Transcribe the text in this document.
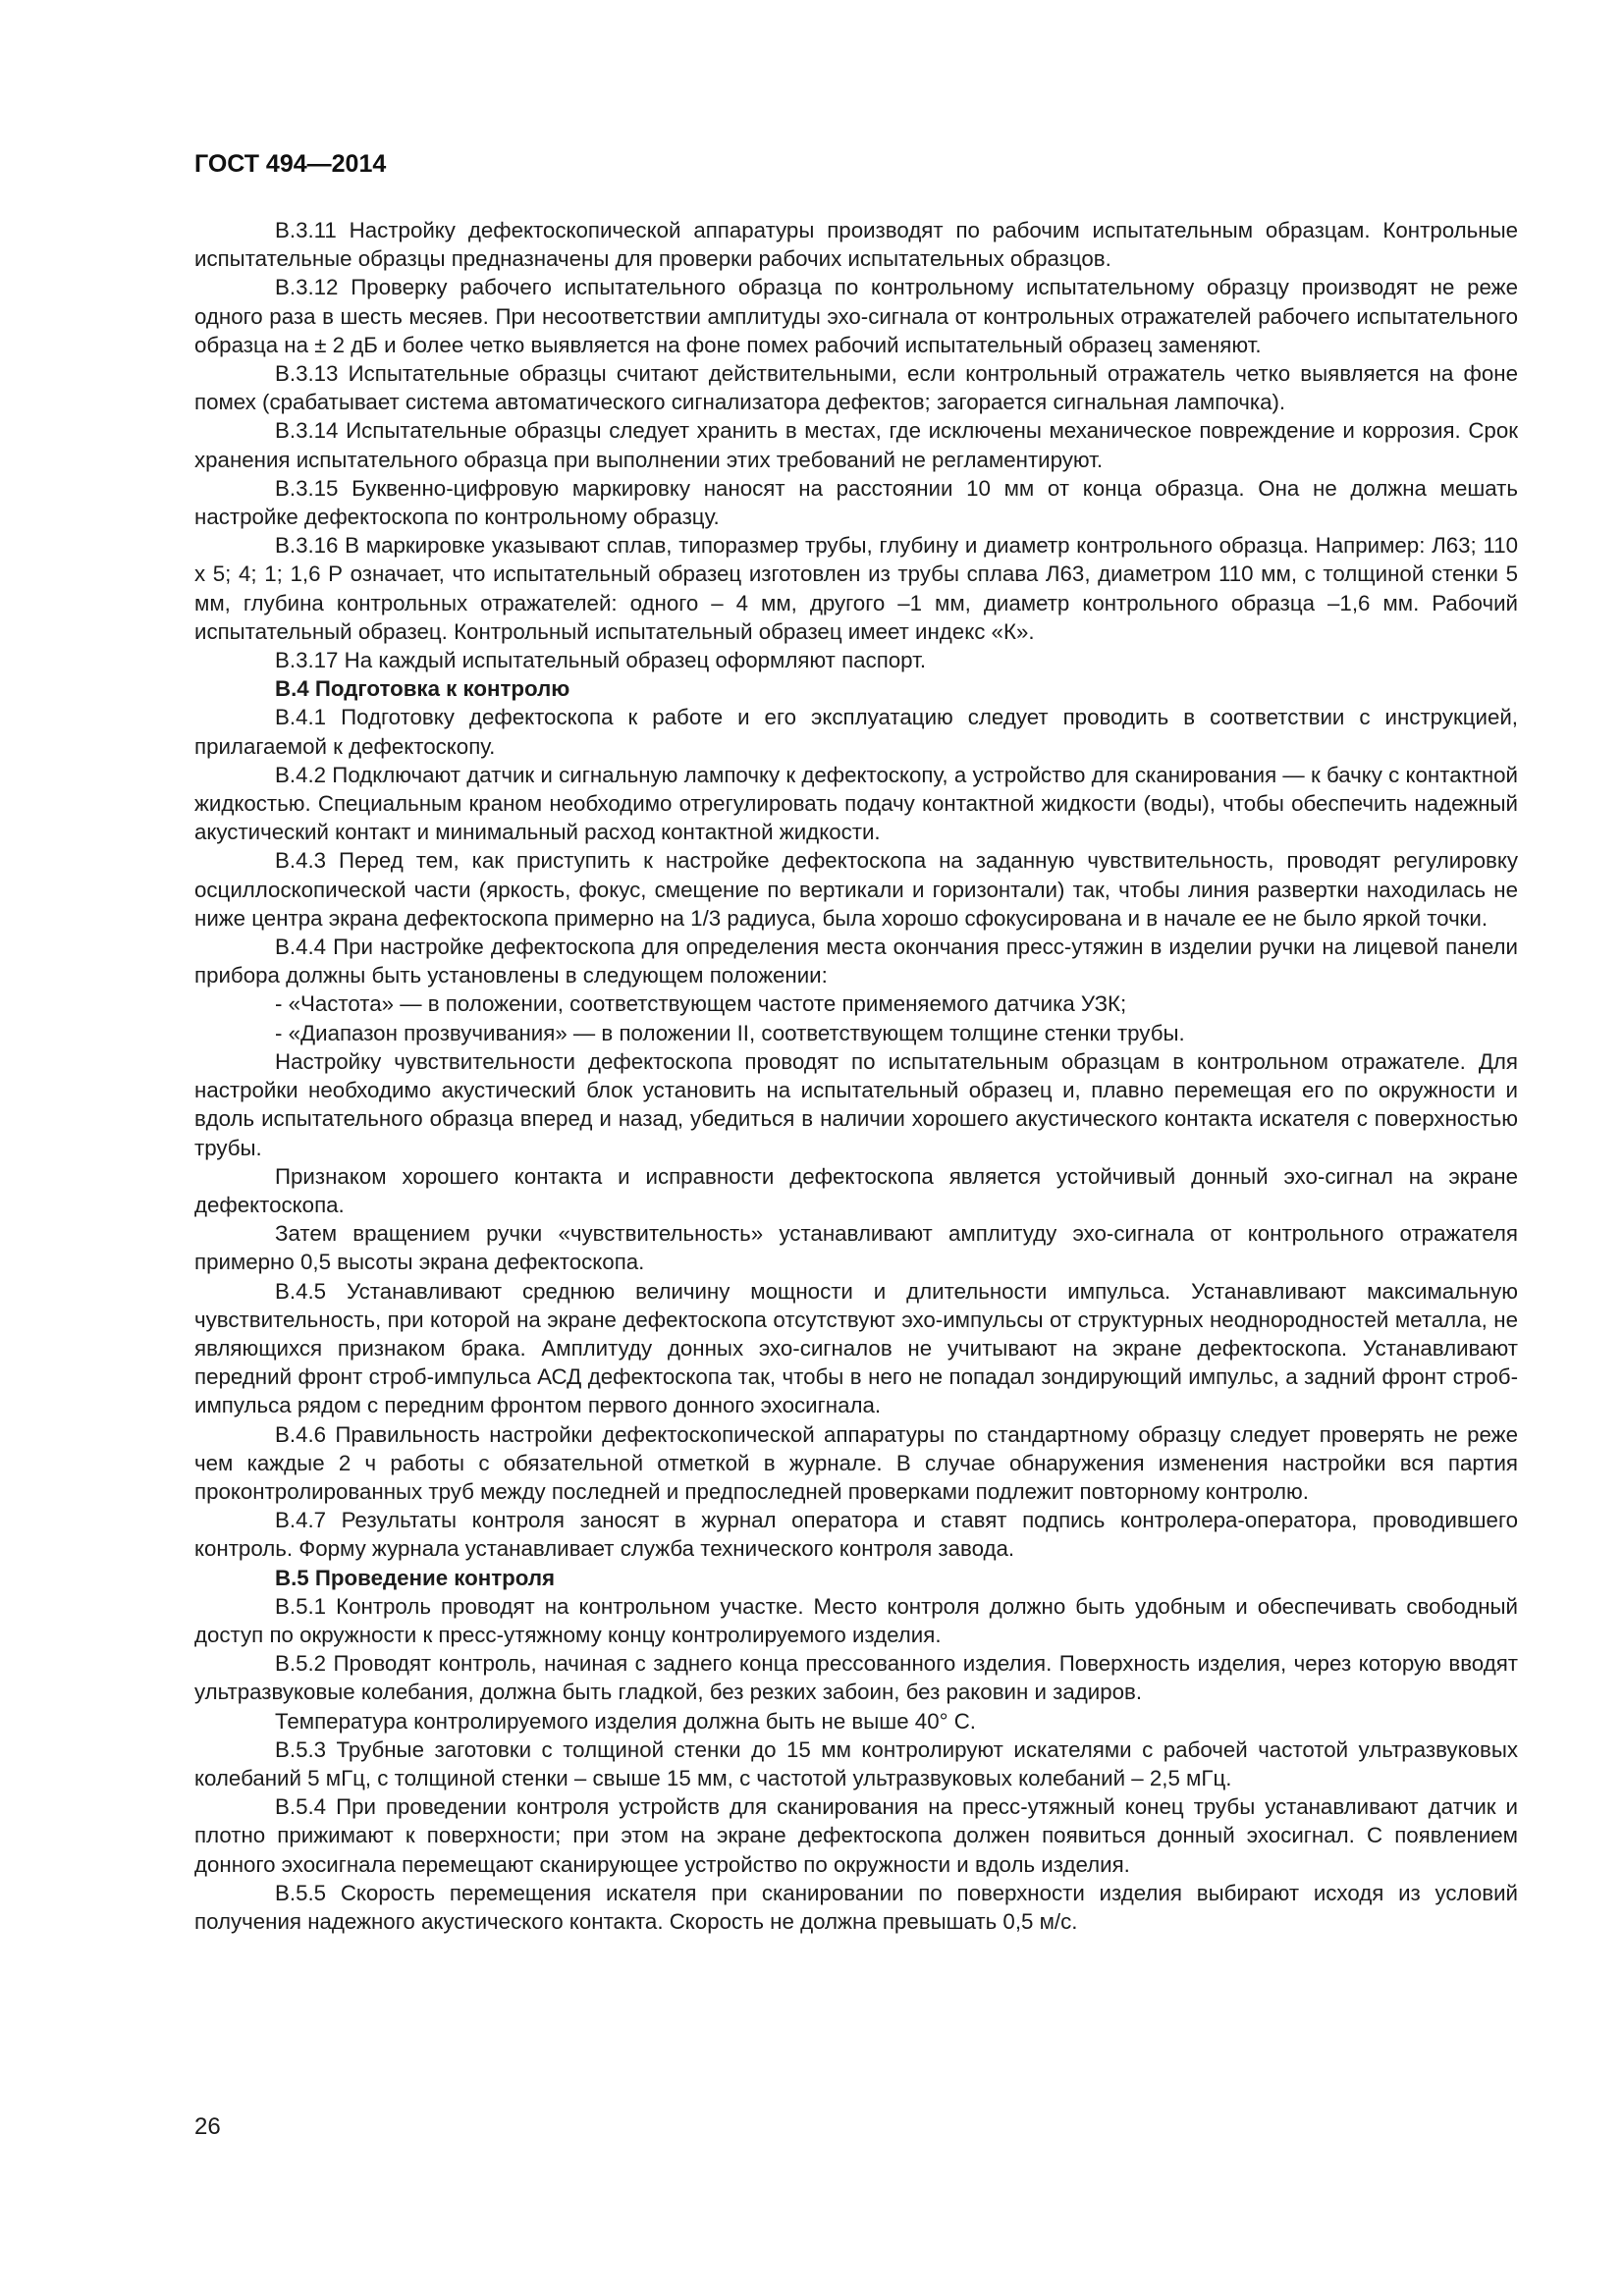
ГОСТ 494—2014

В.3.11 Настройку дефектоскопической аппаратуры производят по рабочим испытательным образцам. Контрольные испытательные образцы предназначены для проверки рабочих испытательных образцов.

В.3.12 Проверку рабочего испытательного образца по контрольному испытательному образцу производят не реже одного раза в шесть месяев. При несоответствии амплитуды эхо-сигнала от контрольных отражателей рабочего испытательного образца на ± 2 дБ и более четко выявляется на фоне помех рабочий испытательный образец заменяют.

В.3.13 Испытательные образцы считают действительными, если контрольный отражатель четко выявляется на фоне помех (срабатывает система автоматического сигнализатора дефектов; загорается сигнальная лампочка).

В.3.14 Испытательные образцы следует хранить в местах, где исключены механическое повреждение и коррозия. Срок хранения испытательного образца при выполнении этих требований не регламентируют.

В.3.15 Буквенно-цифровую маркировку наносят на расстоянии 10 мм от конца образца. Она не должна мешать настройке дефектоскопа по контрольному образцу.

В.3.16 В маркировке указывают сплав, типоразмер трубы, глубину и диаметр контрольного образца. Например: Л63; 110 х 5; 4; 1; 1,6 Р означает, что испытательный образец изготовлен из трубы сплава Л63, диаметром 110 мм, с толщиной стенки 5 мм, глубина контрольных отражателей: одного – 4 мм, другого –1 мм, диаметр контрольного образца –1,6 мм. Рабочий испытательный образец. Контрольный испытательный образец имеет индекс «К».

В.3.17 На каждый испытательный образец оформляют паспорт.

В.4 Подготовка к контролю

В.4.1 Подготовку дефектоскопа к работе и его эксплуатацию следует проводить в соответствии с инструкцией, прилагаемой к дефектоскопу.

В.4.2 Подключают датчик и сигнальную лампочку к дефектоскопу, а устройство для сканирования — к бачку с контактной жидкостью. Специальным краном необходимо отрегулировать подачу контактной жидкости (воды), чтобы обеспечить надежный акустический контакт и минимальный расход контактной жидкости.

В.4.3 Перед тем, как приступить к настройке дефектоскопа на заданную чувствительность, проводят регулировку осциллоскопической части (яркость, фокус, смещение по вертикали и горизонтали) так, чтобы линия развертки находилась не ниже центра экрана дефектоскопа примерно на 1/3 радиуса, была хорошо сфокусирована и в начале ее не было яркой точки.

В.4.4 При настройке дефектоскопа для определения места окончания пресс-утяжин в изделии ручки на лицевой панели прибора должны быть установлены в следующем положении:

- «Частота» — в положении, соответствующем частоте применяемого датчика УЗК;

- «Диапазон прозвучивания» — в положении II, соответствующем толщине стенки трубы.

Настройку чувствительности дефектоскопа проводят по испытательным образцам в контрольном отражателе. Для настройки необходимо акустический блок установить на испытательный образец и, плавно перемещая его по окружности и вдоль испытательного образца вперед и назад, убедиться в наличии хорошего акустического контакта искателя с поверхностью трубы.

Признаком хорошего контакта и исправности дефектоскопа является устойчивый донный эхо-сигнал на экране дефектоскопа.

Затем вращением ручки «чувствительность» устанавливают амплитуду эхо-сигнала от контрольного отражателя примерно 0,5 высоты экрана дефектоскопа.

В.4.5 Устанавливают среднюю величину мощности и длительности импульса. Устанавливают максимальную чувствительность, при которой на экране дефектоскопа отсутствуют эхо-импульсы от структурных неоднородностей металла, не являющихся признаком брака. Амплитуду донных эхо-сигналов не учитывают на экране дефектоскопа. Устанавливают передний фронт строб-импульса АСД дефектоскопа так, чтобы в него не попадал зондирующий импульс, а задний фронт строб-импульса рядом с передним фронтом первого донного эхосигнала.

В.4.6 Правильность настройки дефектоскопической аппаратуры по стандартному образцу следует проверять не реже чем каждые 2 ч работы с обязательной отметкой в журнале. В случае обнаружения изменения настройки вся партия проконтролированных труб между последней и предпоследней проверками подлежит повторному контролю.

В.4.7 Результаты контроля заносят в журнал оператора и ставят подпись контролера-оператора, проводившего контроль. Форму журнала устанавливает служба технического контроля завода.

В.5 Проведение контроля

В.5.1 Контроль проводят на контрольном участке. Место контроля должно быть удобным и обеспечивать свободный доступ по окружности к пресс-утяжному концу контролируемого изделия.

В.5.2 Проводят контроль, начиная с заднего конца прессованного изделия. Поверхность изделия, через которую вводят ультразвуковые колебания, должна быть гладкой, без резких забоин, без раковин и задиров.

Температура контролируемого изделия должна быть не выше 40° С.

В.5.3 Трубные заготовки с толщиной стенки до 15 мм контролируют искателями с рабочей частотой ультразвуковых колебаний 5 мГц, с толщиной стенки – свыше 15 мм, с частотой ультразвуковых колебаний – 2,5 мГц.

В.5.4 При проведении контроля устройств для сканирования на пресс-утяжный конец трубы устанавливают датчик и плотно прижимают к поверхности; при этом на экране дефектоскопа должен появиться донный эхосигнал. С появлением донного эхосигнала перемещают сканирующее устройство по окружности и вдоль изделия.

В.5.5 Скорость перемещения искателя при сканировании по поверхности изделия выбирают исходя из условий получения надежного акустического контакта. Скорость не должна превышать 0,5 м/с.

26
